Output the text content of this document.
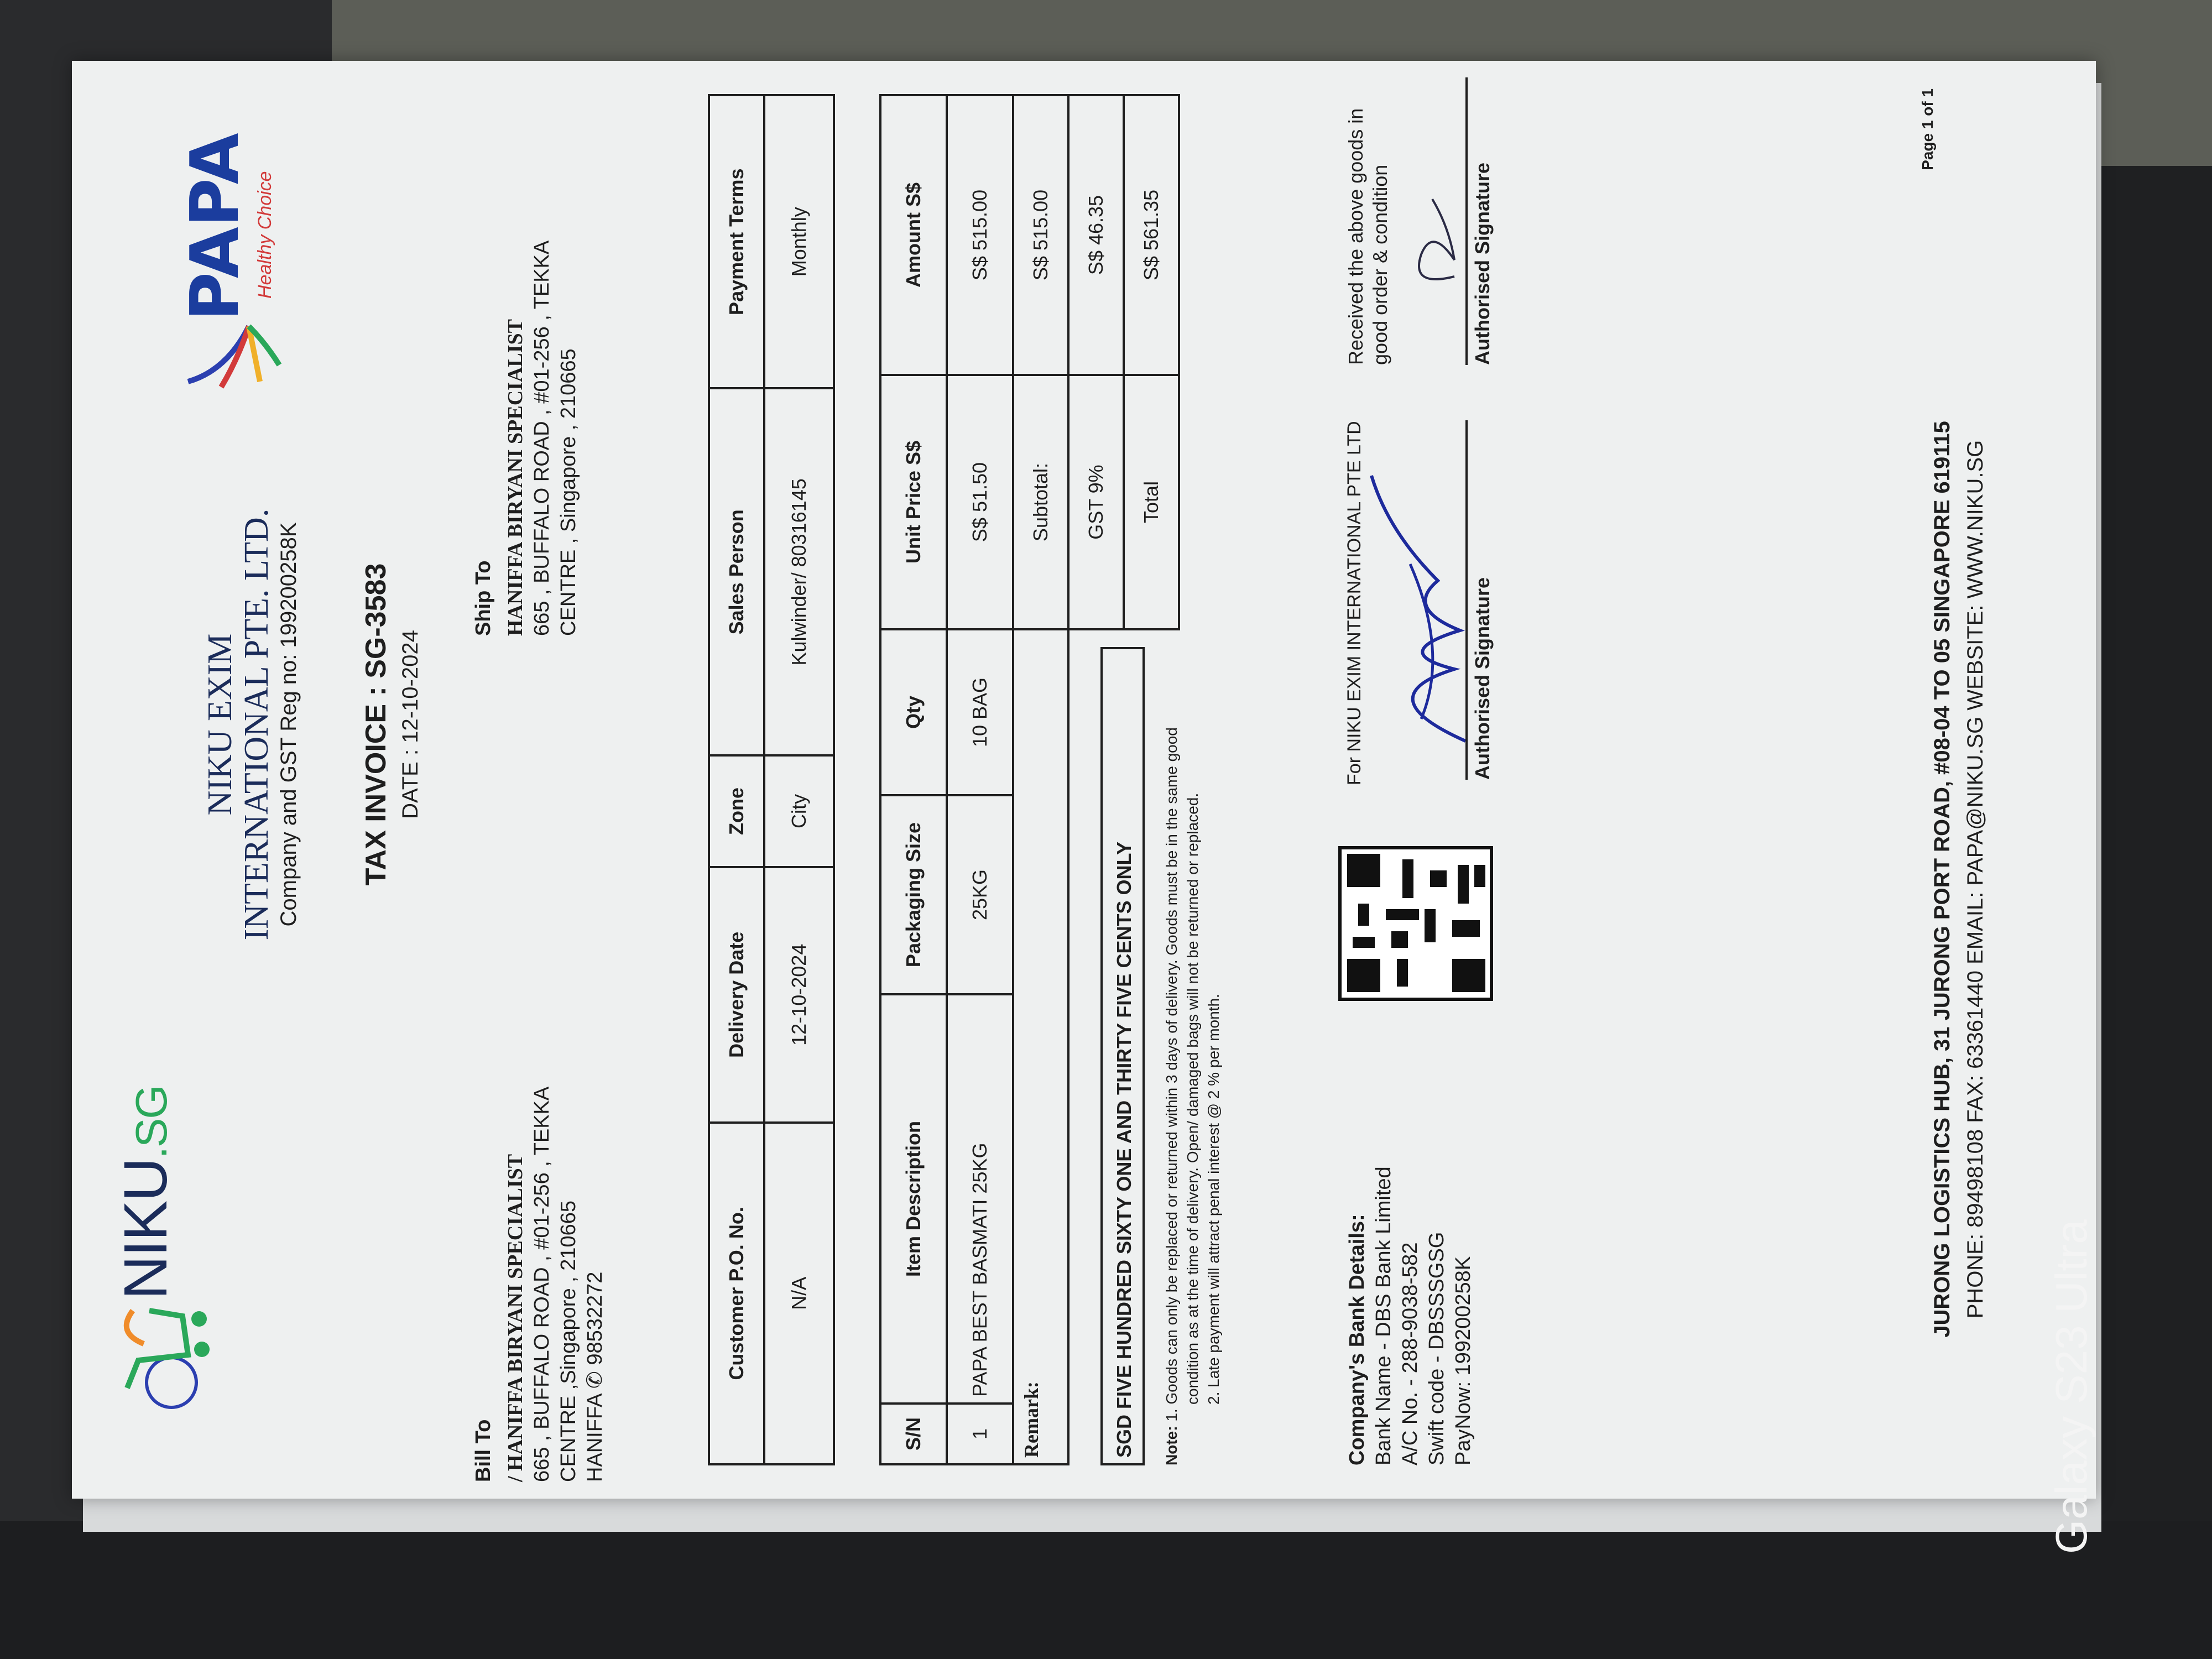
NIKU.SG
PAPA Healthy Choice
NIKU EXIM
INTERNATIONAL PTE. LTD. Company and GST Reg no: 199200258K TAX INVOICE : SG-3583 DATE : 12-10-2024
Bill To / HANIFFA BIRYANI SPECIALIST 665 , BUFFALO ROAD , #01-256 , TEKKA CENTRE ,Singapore , 210665 HANIFFA ✆ 98532272
Ship To HANIFFA BIRYANI SPECIALIST 665 , BUFFALO ROAD , #01-256 , TEKKA CENTRE , Singapore , 210665
Customer P.O. No.	Delivery Date	Zone	Sales Person	Payment Terms
N/A	12-10-2024	City	Kulwinder/ 80316145	Monthly
S/N	Item Description	Packaging Size	Qty	Unit Price S$	Amount S$
1	PAPA BEST BASMATI 25KG	25KG	10 BAG	S$ 51.50	S$ 515.00
Remark:				Subtotal:	S$ 515.00
				GST 9%	S$ 46.35
				Total	S$ 561.35
SGD FIVE HUNDRED SIXTY ONE AND THIRTY FIVE CENTS ONLY	Note: 1. Goods can only be replaced or returned within 3 days of delivery. Goods must be in the same good condition as at the time of delivery. Open/ damaged bags will not be returned or replaced. 2. Late payment will attract penal interest @ 2 % per month.	Company's Bank Details: Bank Name - DBS Bank Limited A/C No. - 288-9038-582 Swift code - DBSSSGSG PayNow: 199200258K
For NIKU EXIM INTERNATIONAL PTE LTD	Authorised Signature
Received the above goods in good order & condition	Authorised Signature
Page 1 of 1
JURONG LOGISTICS HUB, 31 JURONG PORT ROAD, #08-04 TO 05 SINGAPORE 619115 PHONE: 89498108 FAX: 63361440 EMAIL: PAPA@NIKU.SG WEBSITE: WWW.NIKU.SG
Galaxy S23 Ultra
